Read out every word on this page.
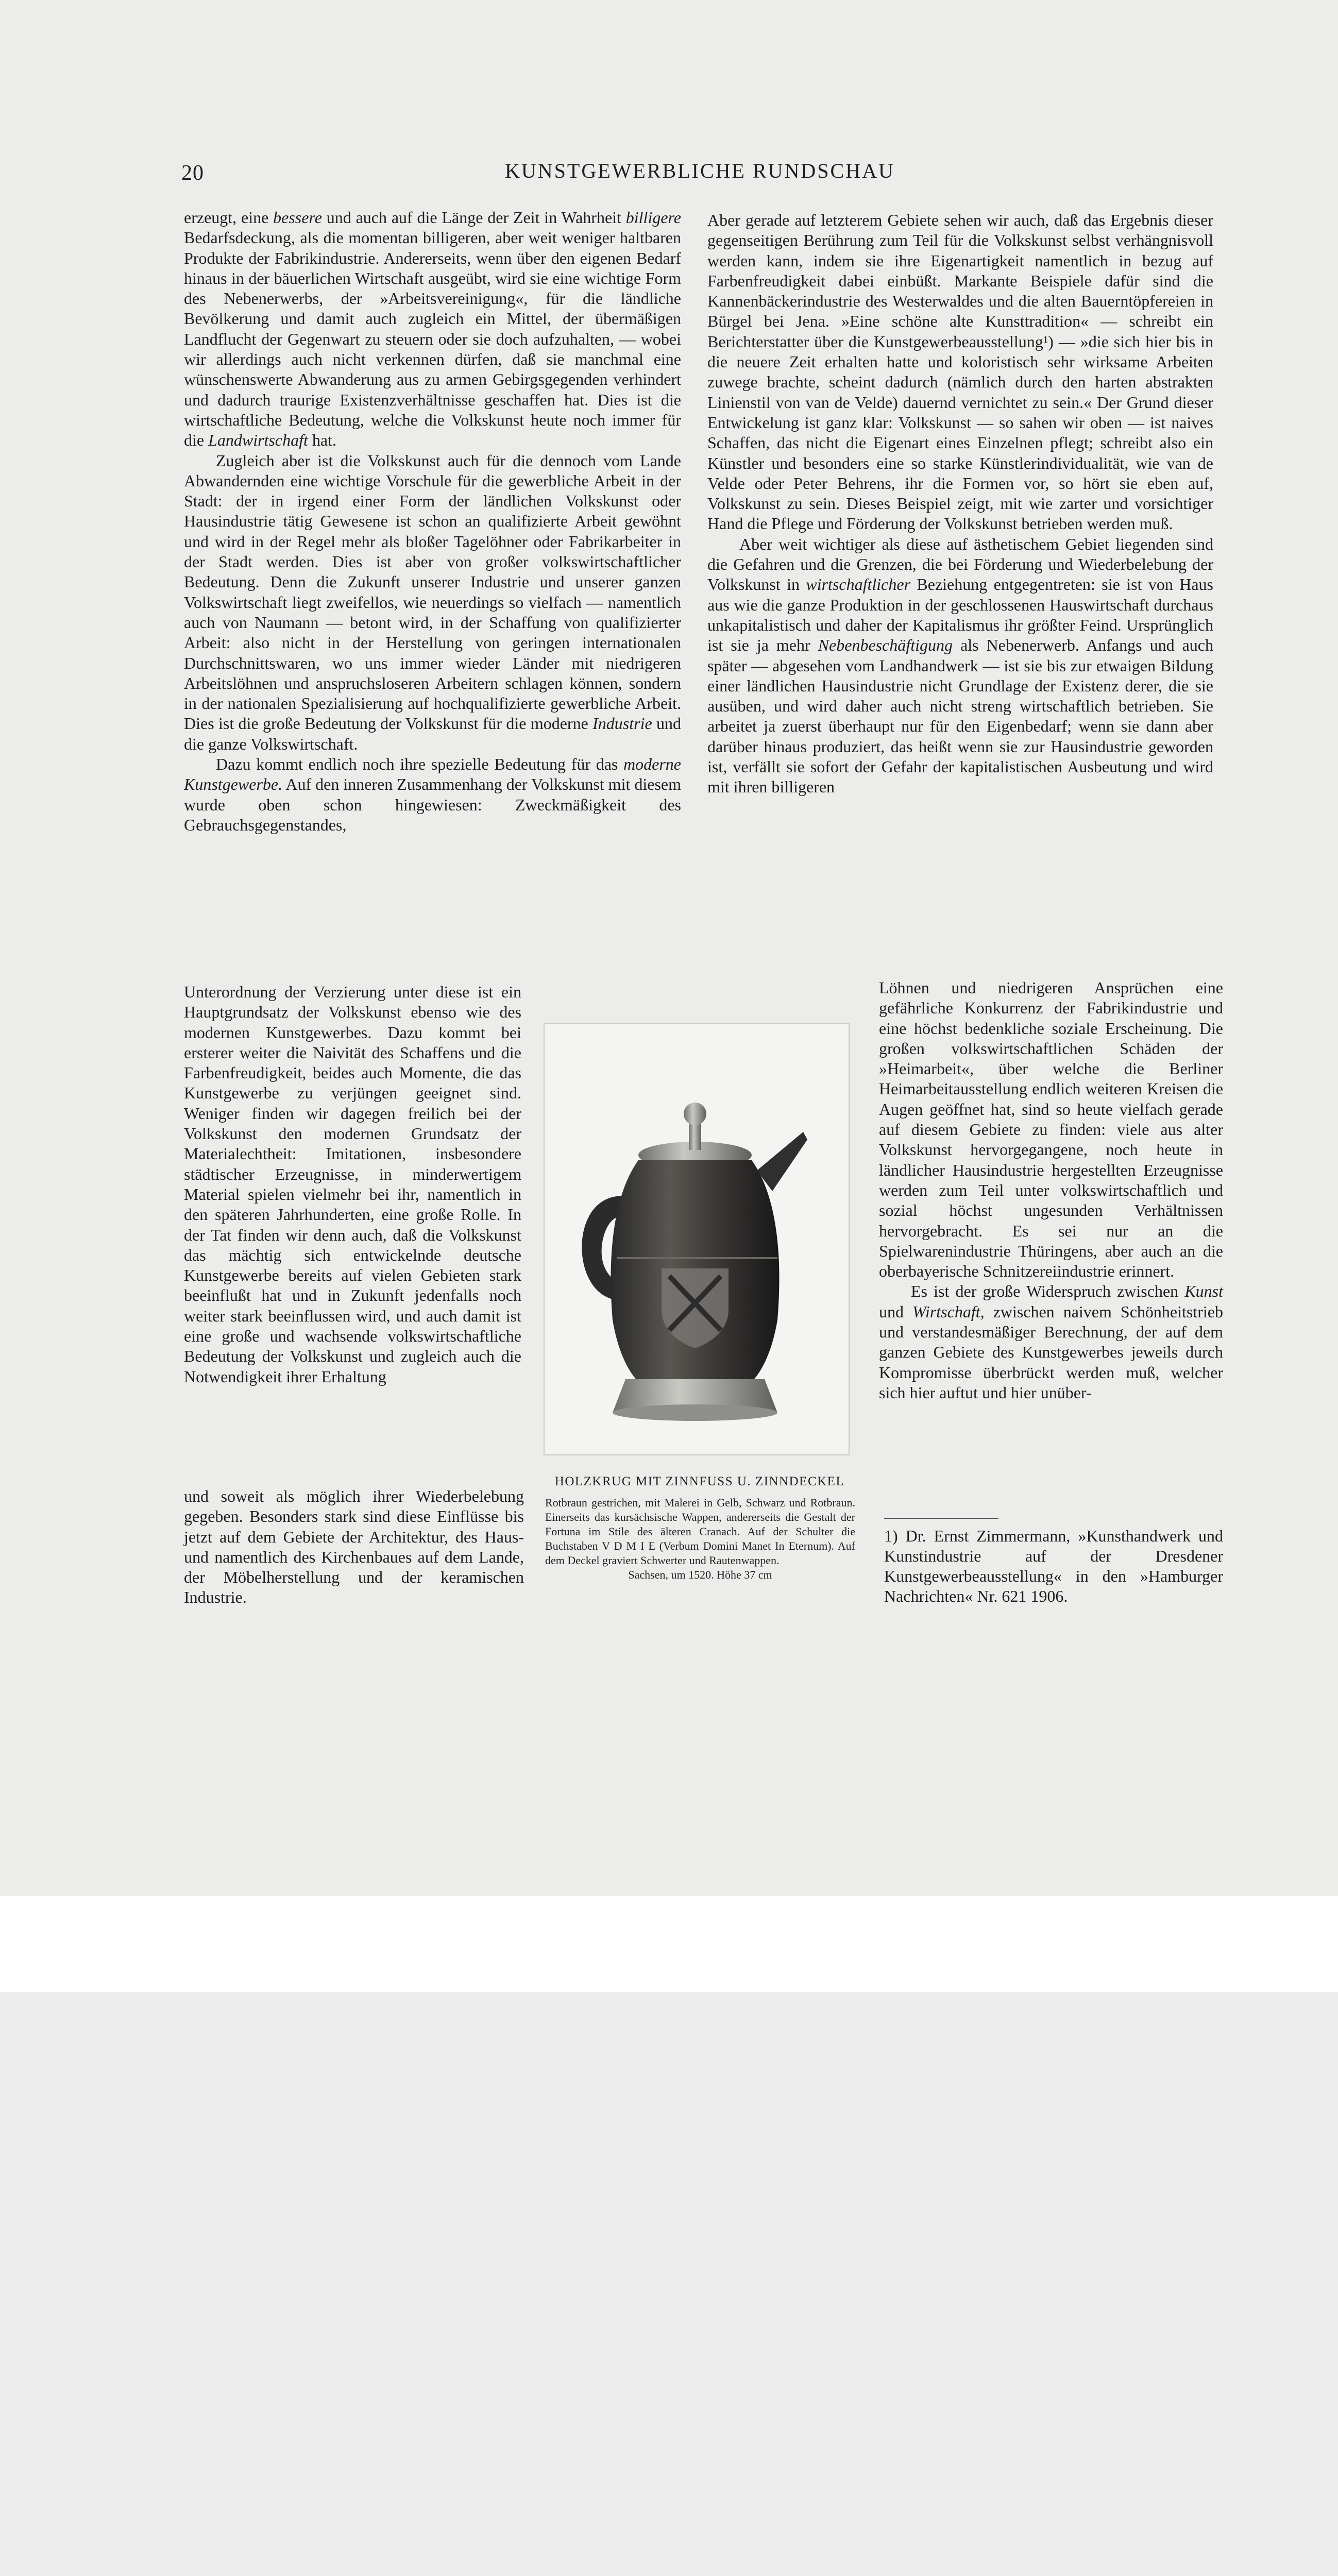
20	KUNSTGEWERBLICHE RUNDSCHAU

erzeugt, eine bessere und auch auf die Länge der Zeit in Wahrheit billigere Bedarfsdeckung, als die momentan billigeren, aber weit weniger haltbaren Produkte der Fabrikindustrie. Andererseits, wenn über den eigenen Bedarf hinaus in der bäuerlichen Wirtschaft ausgeübt, wird sie eine wichtige Form des Nebenerwerbs, der »Arbeitsvereinigung«, für die ländliche Bevölkerung und damit auch zugleich ein Mittel, der übermäßigen Landflucht der Gegenwart zu steuern oder sie doch aufzuhalten, — wobei wir allerdings auch nicht verkennen dürfen, daß sie manchmal eine wünschenswerte Abwanderung aus zu armen Gebirgsgegenden verhindert und dadurch traurige Existenzverhältnisse geschaffen hat. Dies ist die wirtschaftliche Bedeutung, welche die Volkskunst heute noch immer für die Landwirtschaft hat.

Zugleich aber ist die Volkskunst auch für die dennoch vom Lande Abwandernden eine wichtige Vorschule für die gewerbliche Arbeit in der Stadt: der in irgend einer Form der ländlichen Volkskunst oder Hausindustrie tätig Gewesene ist schon an qualifizierte Arbeit gewöhnt und wird in der Regel mehr als bloßer Tagelöhner oder Fabrikarbeiter in der Stadt werden. Dies ist aber von großer volkswirtschaftlicher Bedeutung. Denn die Zukunft unserer Industrie und unserer ganzen Volkswirtschaft liegt zweifellos, wie neuerdings so vielfach — namentlich auch von Naumann — betont wird, in der Schaffung von qualifizierter Arbeit: also nicht in der Herstellung von geringen internationalen Durchschnittswaren, wo uns immer wieder Länder mit niedrigeren Arbeitslöhnen und anspruchsloseren Arbeitern schlagen können, sondern in der nationalen Spezialisierung auf hochqualifizierte gewerbliche Arbeit. Dies ist die große Bedeutung der Volkskunst für die moderne Industrie und die ganze Volkswirtschaft.

Dazu kommt endlich noch ihre spezielle Bedeutung für das moderne Kunstgewerbe. Auf den inneren Zusammenhang der Volkskunst mit diesem wurde oben schon hingewiesen: Zweckmäßigkeit des Gebrauchsgegenstandes,

Unterordnung der Verzierung unter diese ist ein Hauptgrundsatz der Volkskunst ebenso wie des modernen Kunstgewerbes. Dazu kommt bei ersterer weiter die Naivität des Schaffens und die Farbenfreudigkeit, beides auch Momente, die das Kunstgewerbe zu verjüngen geeignet sind. Weniger finden wir dagegen freilich bei der Volkskunst den modernen Grundsatz der Materialechtheit: Imitationen, insbesondere städtischer Erzeugnisse, in minderwertigem Material spielen vielmehr bei ihr, namentlich in den späteren Jahrhunderten, eine große Rolle. In der Tat finden wir denn auch, daß die Volkskunst das mächtig sich entwickelnde deutsche Kunstgewerbe bereits auf vielen Gebieten stark beeinflußt hat und in Zukunft jedenfalls noch weiter stark beeinflussen wird, und auch damit ist eine große und wachsende volkswirtschaftliche Bedeutung der Volkskunst und zugleich auch die Notwendigkeit ihrer Erhaltung

und soweit als möglich ihrer Wiederbelebung gegeben. Besonders stark sind diese Einflüsse bis jetzt auf dem Gebiete der Architektur, des Haus- und namentlich des Kirchenbaues auf dem Lande, der Möbelherstellung und der keramischen Industrie.

Aber gerade auf letzterem Gebiete sehen wir auch, daß das Ergebnis dieser gegenseitigen Berührung zum Teil für die Volkskunst selbst verhängnisvoll werden kann, indem sie ihre Eigenartigkeit namentlich in bezug auf Farbenfreudigkeit dabei einbüßt. Markante Beispiele dafür sind die Kannenbäckerindustrie des Westerwaldes und die alten Bauerntöpfereien in Bürgel bei Jena. »Eine schöne alte Kunsttradition« — schreibt ein Berichterstatter über die Kunstgewerbeausstellung¹) — »die sich hier bis in die neuere Zeit erhalten hatte und koloristisch sehr wirksame Arbeiten zuwege brachte, scheint dadurch (nämlich durch den harten abstrakten Linienstil von van de Velde) dauernd vernichtet zu sein.« Der Grund dieser Entwickelung ist ganz klar: Volkskunst — so sahen wir oben — ist naives Schaffen, das nicht die Eigenart eines Einzelnen pflegt; schreibt also ein Künstler und besonders eine so starke Künstlerindividualität, wie van de Velde oder Peter Behrens, ihr die Formen vor, so hört sie eben auf, Volkskunst zu sein. Dieses Beispiel zeigt, mit wie zarter und vorsichtiger Hand die Pflege und Förderung der Volkskunst betrieben werden muß.

Aber weit wichtiger als diese auf ästhetischem Gebiet liegenden sind die Gefahren und die Grenzen, die bei Förderung und Wiederbelebung der Volkskunst in wirtschaftlicher Beziehung entgegentreten: sie ist von Haus aus wie die ganze Produktion in der geschlossenen Hauswirtschaft durchaus unkapitalistisch und daher der Kapitalismus ihr größter Feind. Ursprünglich ist sie ja mehr Nebenbeschäftigung als Nebenerwerb. Anfangs und auch später — abgesehen vom Landhandwerk — ist sie bis zur etwaigen Bildung einer ländlichen Hausindustrie nicht Grundlage der Existenz derer, die sie ausüben, und wird daher auch nicht streng wirtschaftlich betrieben. Sie arbeitet ja zuerst überhaupt nur für den Eigenbedarf; wenn sie dann aber darüber hinaus produziert, das heißt wenn sie zur Hausindustrie geworden ist, verfällt sie sofort der Gefahr der kapitalistischen Ausbeutung und wird mit ihren billigeren

Löhnen und niedrigeren Ansprüchen eine gefährliche Konkurrenz der Fabrikindustrie und eine höchst bedenkliche soziale Erscheinung. Die großen volkswirtschaftlichen Schäden der »Heimarbeit«, über welche die Berliner Heimarbeitausstellung endlich weiteren Kreisen die Augen geöffnet hat, sind so heute vielfach gerade auf diesem Gebiete zu finden: viele aus alter Volkskunst hervorgegangene, noch heute in ländlicher Hausindustrie hergestellten Erzeugnisse werden zum Teil unter volkswirtschaftlich und sozial höchst ungesunden Verhältnissen hervorgebracht. Es sei nur an die Spielwarenindustrie Thüringens, aber auch an die oberbayerische Schnitzereiindustrie erinnert.

Es ist der große Widerspruch zwischen Kunst und Wirtschaft, zwischen naivem Schönheitstrieb und verstandesmäßiger Berechnung, der auf dem ganzen Gebiete des Kunstgewerbes jeweils durch Kompromisse überbrückt werden muß, welcher sich hier auftut und hier unüber-

HOLZKRUG MIT ZINNFUSS U. ZINNDECKEL
Rotbraun gestrichen, mit Malerei in Gelb, Schwarz und Rotbraun. Einerseits das kursächsische Wappen, andererseits die Gestalt der Fortuna im Stile des älteren Cranach. Auf der Schulter die Buchstaben V D M I E (Verbum Domini Manet In Eternum). Auf dem Deckel graviert Schwerter und Rautenwappen.
Sachsen, um 1520. Höhe 37 cm
1) Dr. Ernst Zimmermann, »Kunsthandwerk und Kunstindustrie auf der Dresdener Kunstgewerbeausstellung« in den »Hamburger Nachrichten« Nr. 621 1906.
